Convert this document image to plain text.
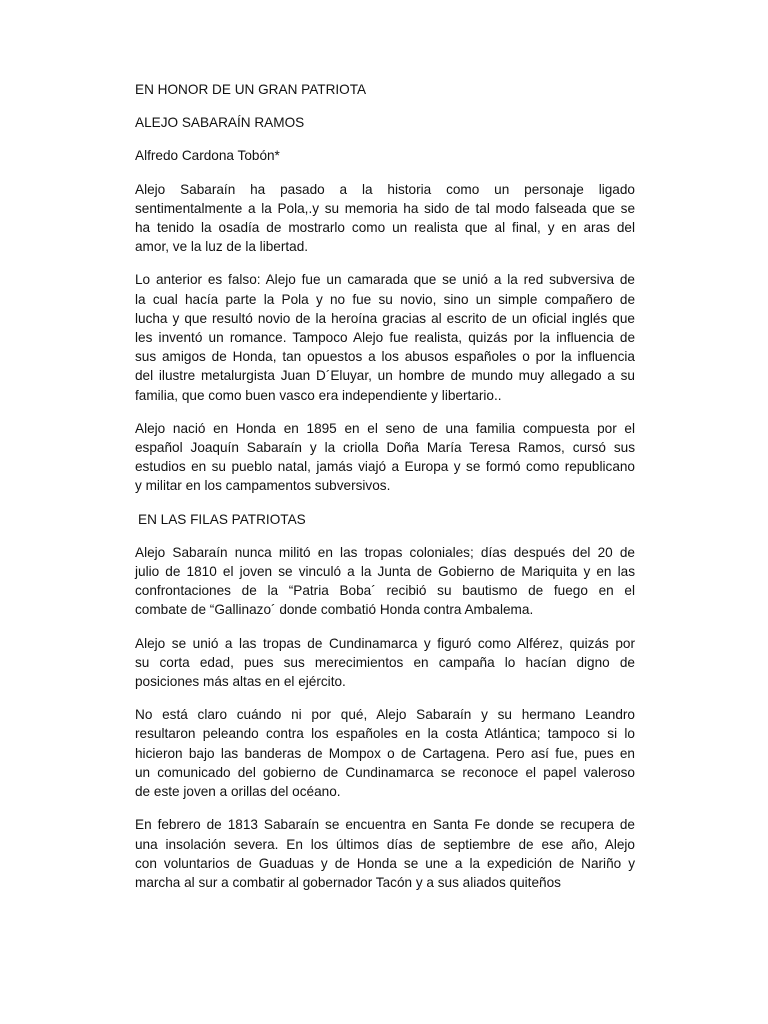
EN HONOR DE UN GRAN PATRIOTA
ALEJO SABARAÍN RAMOS
Alfredo Cardona Tobón*
Alejo Sabaraín ha pasado a la historia como un personaje ligado
sentimentalmente a la Pola,.y su memoria ha sido de tal modo falseada que se
ha tenido la osadía de mostrarlo como un realista que al final, y en aras del
amor, ve la luz de la libertad.
Lo anterior es falso: Alejo fue un camarada que se unió a la red subversiva de
la cual hacía parte la Pola y no fue su novio, sino un simple compañero de
lucha y que resultó novio de la heroína gracias al escrito de un oficial inglés que
les inventó un romance. Tampoco Alejo fue realista, quizás por la influencia de
sus amigos de Honda, tan opuestos a los abusos españoles o por la influencia
del ilustre metalurgista Juan D´Eluyar, un hombre de mundo muy allegado a su
familia, que como buen vasco era independiente y libertario..
Alejo nació en Honda en 1895 en el seno de una familia compuesta por el
español Joaquín Sabaraín y la criolla Doña María Teresa Ramos, cursó sus
estudios en su pueblo natal, jamás viajó a Europa y se formó como republicano
y militar en los campamentos subversivos.
EN LAS FILAS PATRIOTAS
Alejo Sabaraín nunca militó en las tropas coloniales; días después del 20 de
julio de 1810 el joven se vinculó a la Junta de Gobierno de Mariquita y en las
confrontaciones de la “Patria Boba´ recibió su bautismo de fuego en el
combate de “Gallinazo´ donde combatió Honda contra Ambalema.
Alejo se unió a las tropas de Cundinamarca y figuró como Alférez, quizás por
su corta edad, pues sus merecimientos en campaña lo hacían digno de
posiciones más altas en el ejército.
No está claro cuándo ni por qué, Alejo Sabaraín y su hermano Leandro
resultaron peleando contra los españoles en la costa Atlántica; tampoco si lo
hicieron bajo las banderas de Mompox o de Cartagena. Pero así fue, pues en
un comunicado del gobierno de Cundinamarca se reconoce el papel valeroso
de este joven a orillas del océano.
En febrero de 1813 Sabaraín se encuentra en Santa Fe donde se recupera de
una insolación severa. En los últimos días de septiembre de ese año, Alejo
con voluntarios de Guaduas y de Honda se une a la expedición de Nariño y
marcha al sur a combatir al gobernador Tacón y a sus aliados quiteños
